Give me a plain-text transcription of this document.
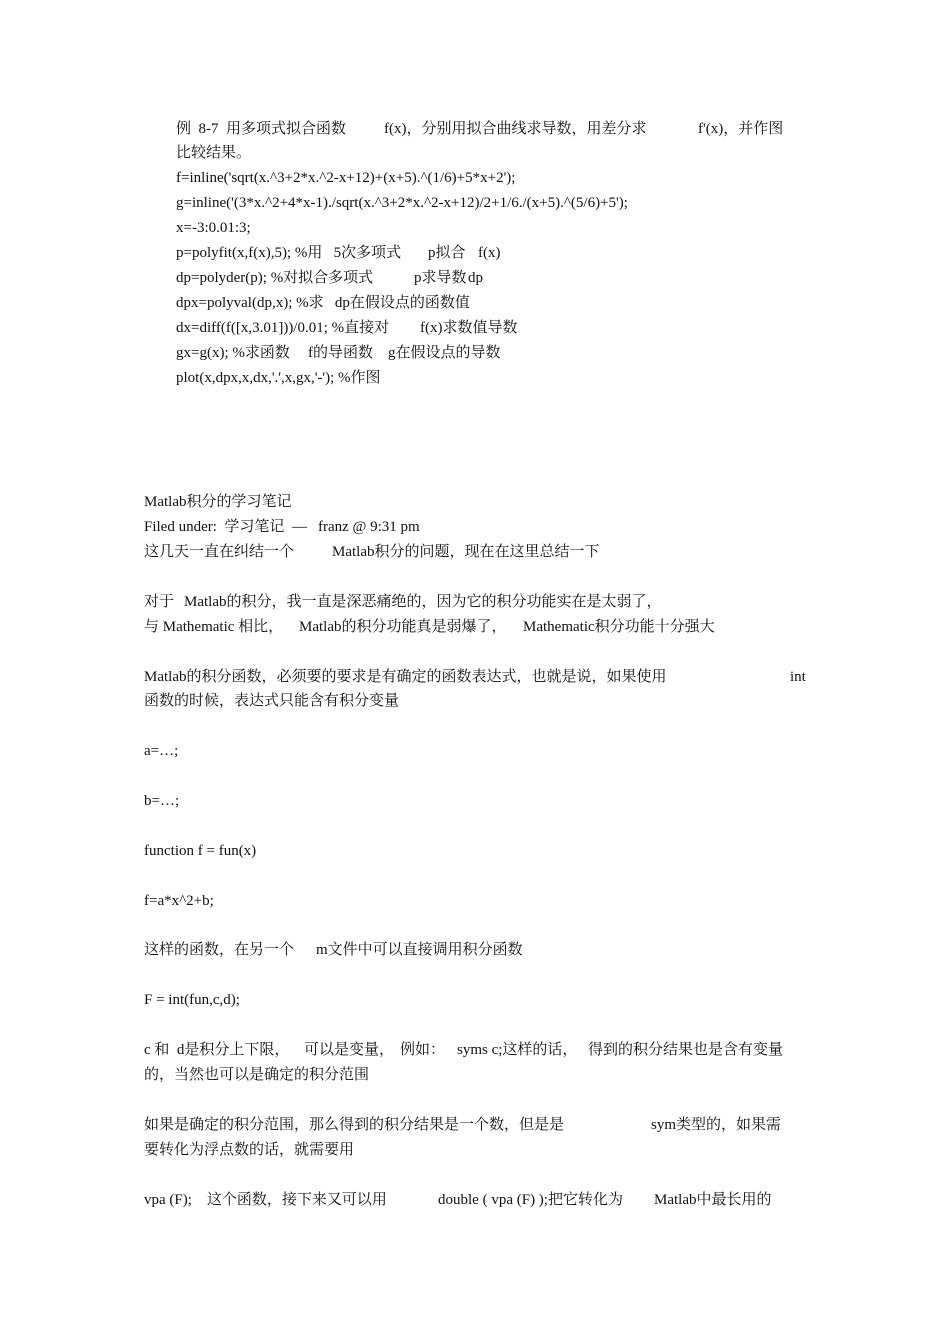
例  8-7  用多项式拟合函数	f(x)，分别用拟合曲线求导数，用差分求	f'(x)，并作图
比较结果。
f=inline('sqrt(x.^3+2*x.^2-x+12)+(x+5).^(1/6)+5*x+2');
g=inline('(3*x.^2+4*x-1)./sqrt(x.^3+2*x.^2-x+12)/2+1/6./(x+5).^(5/6)+5');
x=-3:0.01:3;
p=polyfit(x,f(x),5); %用   5次多项式 p拟合 f(x)
dp=polyder(p); %对拟合多项式	p求导数 dp
dpx=polyval(dp,x); %求   dp在假设点的函数值
dx=diff(f([x,3.01]))/0.01; %直接对 f(x)求数值导数
gx=g(x); %求函数 f的导函数 g在假设点的导数
plot(x,dpx,x,dx,'.',x,gx,'-'); %作图
Matlab积分的学习笔记
Filed under:  学习笔记 — franz @ 9:31 pm
这几天一直在纠结一个	Matlab积分的问题，现在在这里总结一下
对于 Matlab的积分，我一直是深恶痛绝的，因为它的积分功能实在是太弱了，
与 Mathematic 相比， Matlab的积分功能真是弱爆了， Mathematic积分功能十分强大
Matlab的积分函数，必须要的要求是有确定的函数表达式，也就是说，如果使用	int
函数的时候，表达式只能含有积分变量
a=…;
b=…;
function f = fun(x)
f=a*x^2+b;
这样的函数，在另一个 m文件中可以直接调用积分函数
F = int(fun,c,d);
c 和  d是积分上下限， 可以是变量， 例如： syms c;这样的话， 得到的积分结果也是含有变量
的，当然也可以是确定的积分范围
如果是确定的积分范围，那么得到的积分结果是一个数，但是是	sym类型的，如果需
要转化为浮点数的话，就需要用
vpa (F);    这个函数，接下来又可以用	double ( vpa (F) );把它转化为 Matlab中最长用的
